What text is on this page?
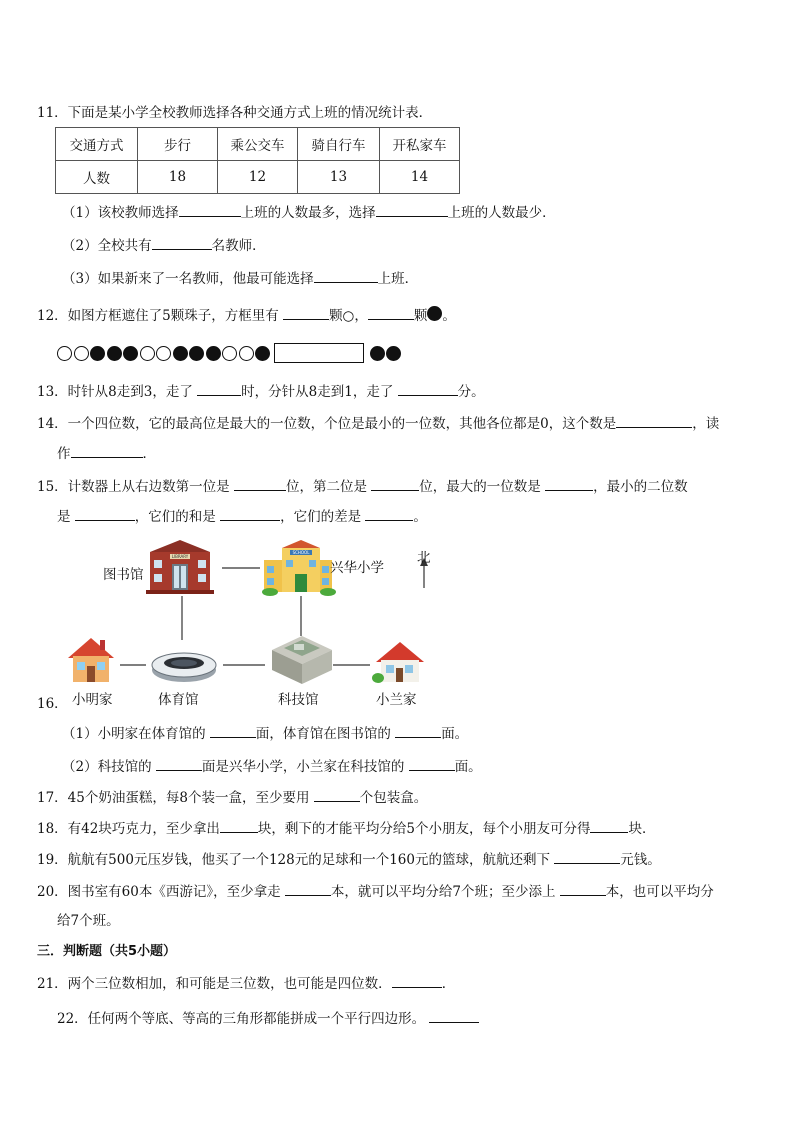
11．下面是某小学全校教师选择各种交通方式上班的情况统计表．
交通方式	步行	乘公交车	骑自行车	开私家车
人数	18	12	13	14
（1）该校教师选择	上班的人数最多，选择	上班的人数最少．
（2）全校共有	名教师．
（3）如果新来了一名教师，他最可能选择	上班．
12．如图方框遮住了5颗珠子，方框里有	颗○，	颗 。
13．时针从8走到3，走了	时，分针从8走到1，走了	分。
14．一个四位数，它的最高位是最大的一位数，个位是最小的一位数，其他各位都是0，这个数是	，读
作	．
15．计数器上从右边数第一位是	位，第二位是	位，最大的一位数是	，最小的二位数
是	，它们的和是	，它们的差是	。
LIBRARY
SCHOOL
图书馆	兴华小学
北
小明家	体育馆	科技馆	小兰家
16．
（1）小明家在体育馆的	面，体育馆在图书馆的	面。
（2）科技馆的	面是兴华小学，小兰家在科技馆的	面。
17．45个奶油蛋糕，每8个装一盒，至少要用	个包装盒。
18．有42块巧克力，至少拿出	块，剩下的才能平均分给5个小朋友，每个小朋友可分得	块．
19．航航有500元压岁钱，他买了一个128元的足球和一个160元的篮球，航航还剩下	元钱。
20．图书室有60本《西游记》，至少拿走	本，就可以平均分给7个班；至少添上	本，也可以平均分
给7个班。
三．判断题（共5小题）
21．两个三位数相加，和可能是三位数，也可能是四位数．	．
22．任何两个等底、等高的三角形都能拼成一个平行四边形。
